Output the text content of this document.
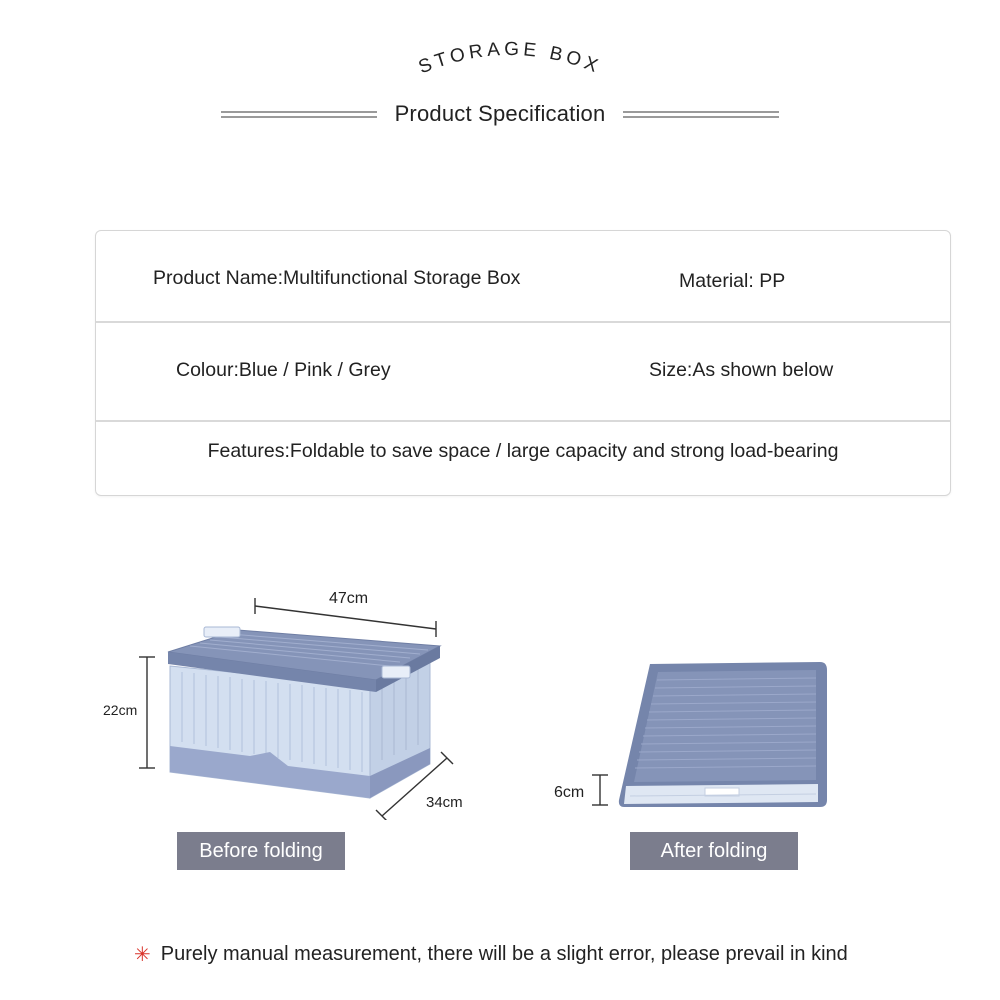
STORAGE BOX
Product Specification
Product Name:Multifunctional Storage Box	Material: PP
Colour:Blue / Pink / Grey	Size:As shown below
Features:Foldable to save space / large capacity and strong load-bearing
47cm
22cm
34cm
6cm
Before folding	After folding
✳ Purely manual measurement, there will be a slight error, please prevail in kind
